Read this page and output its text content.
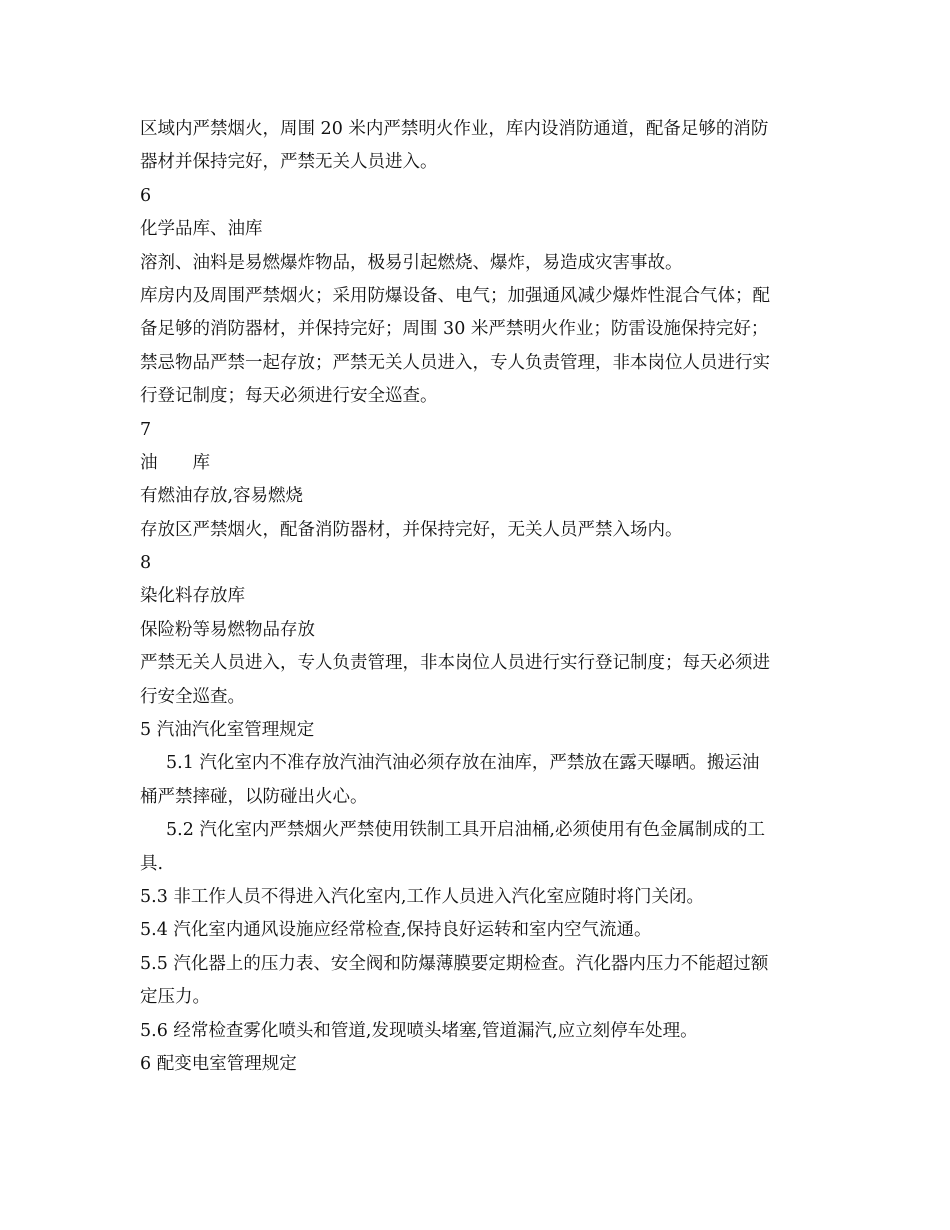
区域内严禁烟火，周围 20 米内严禁明火作业，库内设消防通道，配备足够的消防
器材并保持完好，严禁无关人员进入。
6
化学品库、油库
溶剂、油料是易燃爆炸物品，极易引起燃烧、爆炸，易造成灾害事故。
库房内及周围严禁烟火；采用防爆设备、电气；加强通风减少爆炸性混合气体；配
备足够的消防器材，并保持完好；周围 30 米严禁明火作业；防雷设施保持完好；
禁忌物品严禁一起存放；严禁无关人员进入，专人负责管理，非本岗位人员进行实
行登记制度；每天必须进行安全巡查。
7
油　　库
有燃油存放,容易燃烧
存放区严禁烟火，配备消防器材，并保持完好，无关人员严禁入场内。
8
染化料存放库
保险粉等易燃物品存放
严禁无关人员进入，专人负责管理，非本岗位人员进行实行登记制度；每天必须进
行安全巡查。
5 汽油汽化室管理规定
5.1 汽化室内不准存放汽油汽油必须存放在油库，严禁放在露天曝晒。搬运油
桶严禁摔碰，以防碰出火心。
5.2 汽化室内严禁烟火严禁使用铁制工具开启油桶,必须使用有色金属制成的工
具.
5.3 非工作人员不得进入汽化室内,工作人员进入汽化室应随时将门关闭。
5.4 汽化室内通风设施应经常检查,保持良好运转和室内空气流通。
5.5 汽化器上的压力表、安全阀和防爆薄膜要定期检查。汽化器内压力不能超过额
定压力。
5.6 经常检查雾化喷头和管道,发现喷头堵塞,管道漏汽,应立刻停车处理。
6 配变电室管理规定
